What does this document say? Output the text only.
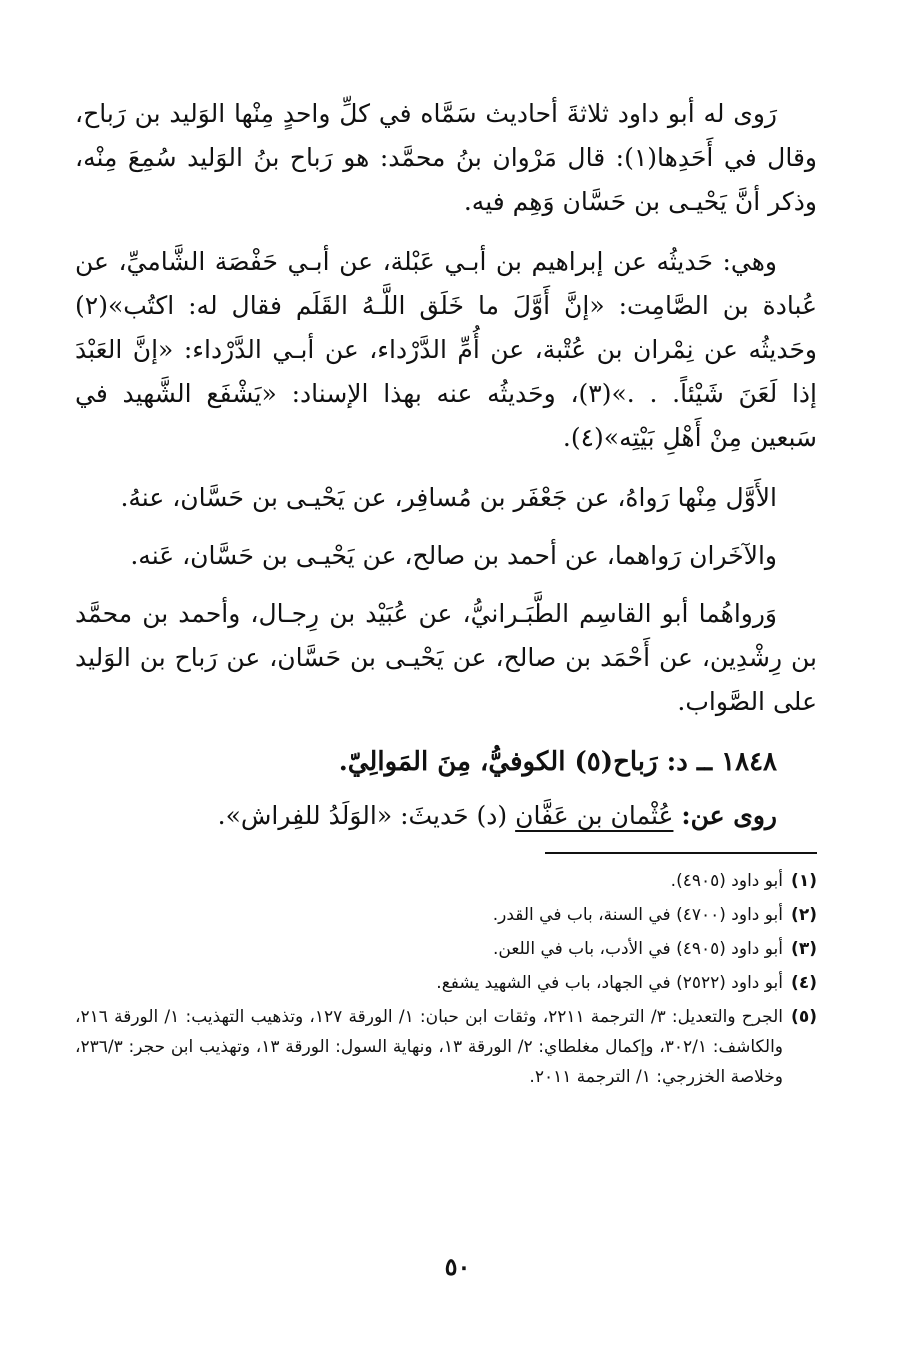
رَوى له أبو داود ثلاثةَ أحاديث سَمَّاه في كلِّ واحدٍ مِنْها الوَليد بن رَباح، وقال في أَحَدِها(١): قال مَرْوان بنُ محمَّد: هو رَباح بنُ الوَليد سُمِعَ مِنْه، وذكر أنَّ يَحْيـى بن حَسَّان وَهِم فيه.

وهي: حَديثُه عن إبراهيم بن أبـي عَبْلة، عن أبـي حَفْصَة الشَّاميِّ، عن عُبادة بن الصَّامِت: «إنَّ أَوَّلَ ما خَلَق اللَّـهُ القَلَم فقال له: اكتُب»(٢) وحَديثُه عن نِمْران بن عُتْبة، عن أُمِّ الدَّرْداء، عن أبـي الدَّرْداء: «إنَّ العَبْدَ إذا لَعَنَ شَيْئاً. . .»(٣)، وحَديثُه عنه بهذا الإسناد: «يَشْفَع الشَّهيد في سَبعين مِنْ أَهْلِ بَيْتِه»(٤).

الأَوَّل مِنْها رَواهُ، عن جَعْفَر بن مُسافِر، عن يَحْيـى بن حَسَّان، عنهُ.

والآخَران رَواهما، عن أحمد بن صالح، عن يَحْيـى بن حَسَّان، عَنه.

وَرواهُما أبو القاسِم الطَّبَـرانيُّ، عن عُبَيْد بن رِجـال، وأحمد بن محمَّد بن رِشْدِين، عن أَحْمَد بن صالح، عن يَحْيـى بن حَسَّان، عن رَباح بن الوَليد على الصَّواب.

١٨٤٨ ــ د: رَباح(٥) الكوفيُّ، مِنَ المَوالِيّ.

روى عن: عُثْمان بن عَفَّان (د) حَديثَ: «الوَلَدُ للفِراش».

(١)
أبو داود (٤٩٠٥).
(٢)
أبو داود (٤٧٠٠) في السنة، باب في القدر.
(٣)
أبو داود (٤٩٠٥) في الأدب، باب في اللعن.
(٤)
أبو داود (٢٥٢٢) في الجهاد، باب في الشهيد يشفع.
(٥)
الجرح والتعديل: ٣/ الترجمة ٢٢١١، وثقات ابن حبان: ١/ الورقة ١٢٧، وتذهيب التهذيب: ١/ الورقة ٢١٦، والكاشف: ٣٠٢/١، وإكمال مغلطاي: ٢/ الورقة ١٣، ونهاية السول: الورقة ١٣، وتهذيب ابن حجر: ٢٣٦/٣، وخلاصة الخزرجي: ١/ الترجمة ٢٠١١.
٥٠
